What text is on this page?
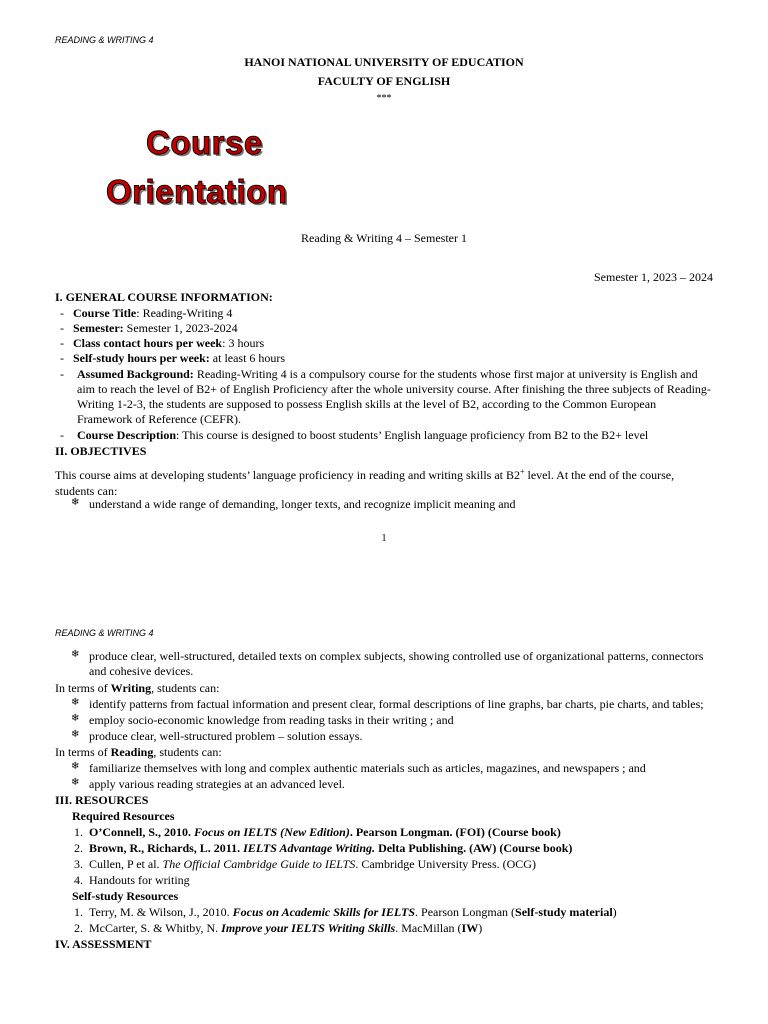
READING & WRITING 4
HANOI NATIONAL UNIVERSITY OF EDUCATION
FACULTY OF ENGLISH
***
Course
Orientation
Reading & Writing 4 – Semester 1
Semester 1, 2023 – 2024
I. GENERAL COURSE INFORMATION:
- Course Title: Reading-Writing 4
- Semester: Semester 1, 2023-2024
- Class contact hours per week: 3 hours
- Self-study hours per week: at least 6 hours
- Assumed Background: Reading-Writing 4 is a compulsory course for the students whose first major at university is English and aim to reach the level of B2+ of English Proficiency after the whole university course. After finishing the three subjects of Reading-Writing 1-2-3, the students are supposed to possess English skills at the level of B2, according to the Common European Framework of Reference (CEFR).
- Course Description: This course is designed to boost students’ English language proficiency from B2 to the B2+ level
II. OBJECTIVES
This course aims at developing students’ language proficiency in reading and writing skills at B2+ level. At the end of the course, students can:
❄ understand a wide range of demanding, longer texts, and recognize implicit meaning and
1
READING & WRITING 4
❄ produce clear, well-structured, detailed texts on complex subjects, showing controlled use of organizational patterns, connectors and cohesive devices.
In terms of Writing, students can:
❄ identify patterns from factual information and present clear, formal descriptions of line graphs, bar charts, pie charts, and tables;
❄ employ socio-economic knowledge from reading tasks in their writing ; and
❄ produce clear, well-structured problem – solution essays.
In terms of Reading, students can:
❄ familiarize themselves with long and complex authentic materials such as articles, magazines, and newspapers ; and
❄ apply various reading strategies at an advanced level.
III. RESOURCES
Required Resources
1. O’Connell, S., 2010. Focus on IELTS (New Edition). Pearson Longman. (FOI) (Course book)
2. Brown, R., Richards, L. 2011. IELTS Advantage Writing. Delta Publishing. (AW) (Course book)
3. Cullen, P et al. The Official Cambridge Guide to IELTS. Cambridge University Press. (OCG)
4. Handouts for writing
Self-study Resources
1. Terry, M. & Wilson, J., 2010. Focus on Academic Skills for IELTS. Pearson Longman (Self-study material)
2. McCarter, S. & Whitby, N. Improve your IELTS Writing Skills. MacMillan (IW)
IV. ASSESSMENT
